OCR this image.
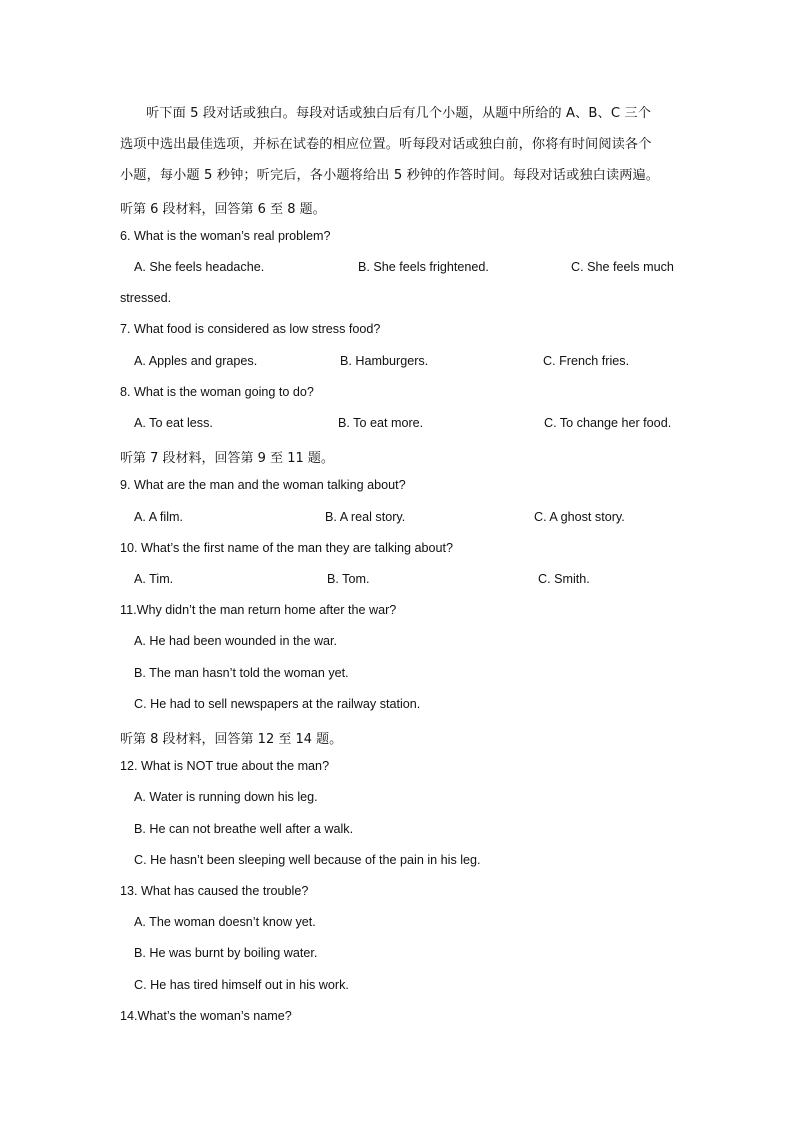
听下面 5 段对话或独白。每段对话或独白后有几个小题，从题中所给的 A、B、C 三个
选项中选出最佳选项，并标在试卷的相应位置。听每段对话或独白前，你将有时间阅读各个
小题，每小题 5 秒钟；听完后，各小题将给出 5 秒钟的作答时间。每段对话或独白读两遍。
听第 6 段材料，回答第 6 至 8 题。
6. What is the woman’s real problem?
A. She feels headache.	B. She feels frightened.	C. She feels much
stressed.
7. What food is considered as low stress food?
A. Apples and grapes.	B. Hamburgers.	C. French fries.
8. What is the woman going to do?
A. To eat less.	B. To eat more.	C. To change her food.
听第 7 段材料，回答第 9 至 11 题。
9. What are the man and the woman talking about?
A. A film.	B. A real story.	C. A ghost story.
10. What’s the first name of the man they are talking about?
A. Tim.	B. Tom.	C. Smith.
11.Why didn’t the man return home after the war?
A. He had been wounded in the war.
B. The man hasn’t told the woman yet.
C. He had to sell newspapers at the railway station.
听第 8 段材料，回答第 12 至 14 题。
12. What is NOT true about the man?
A. Water is running down his leg.
B. He can not breathe well after a walk.
C. He hasn’t been sleeping well because of the pain in his leg.
13. What has caused the trouble?
A. The woman doesn’t know yet.
B. He was burnt by boiling water.
C. He has tired himself out in his work.
14.What’s the woman’s name?
